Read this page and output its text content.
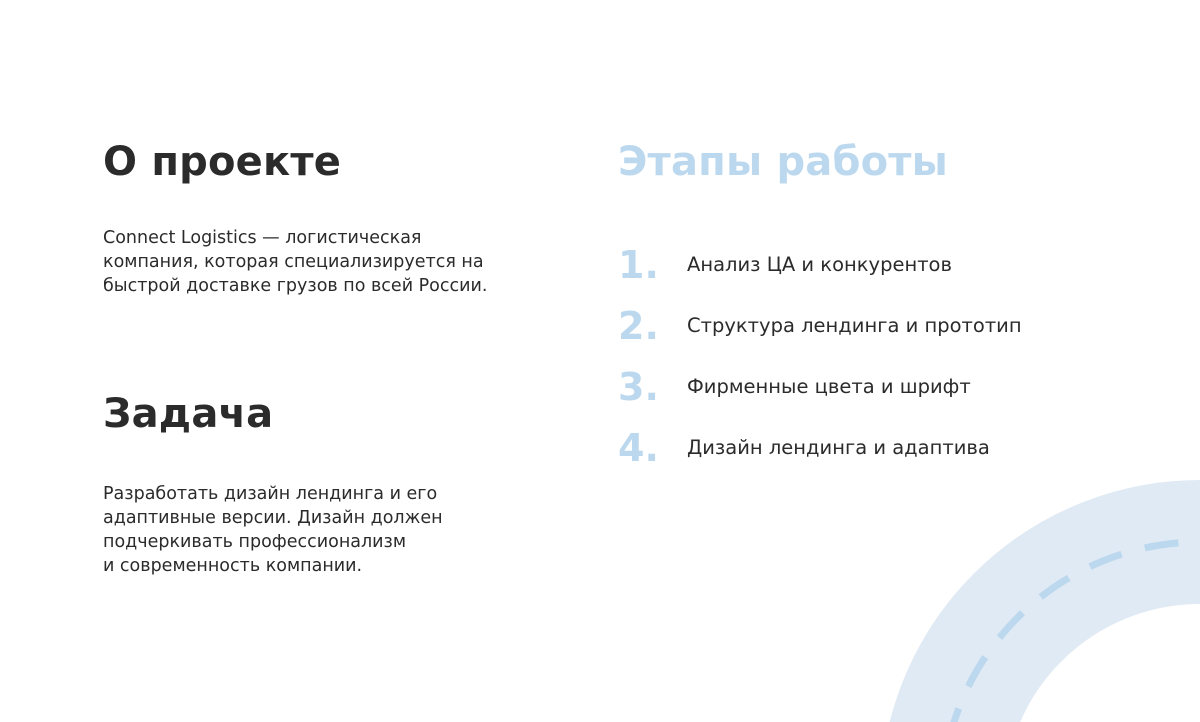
О проекте

Connect Logistics — логистическая
компания, которая специализируется на
быстрой доставке грузов по всей России.

Задача

Разработать дизайн лендинга и его
адаптивные версии. Дизайн должен
подчеркивать профессионализм
и современность компании.

Этапы работы
1.	Анализ ЦА и конкурентов
2.	Структура лендинга и прототип
3.	Фирменные цвета и шрифт
4.	Дизайн лендинга и адаптива
